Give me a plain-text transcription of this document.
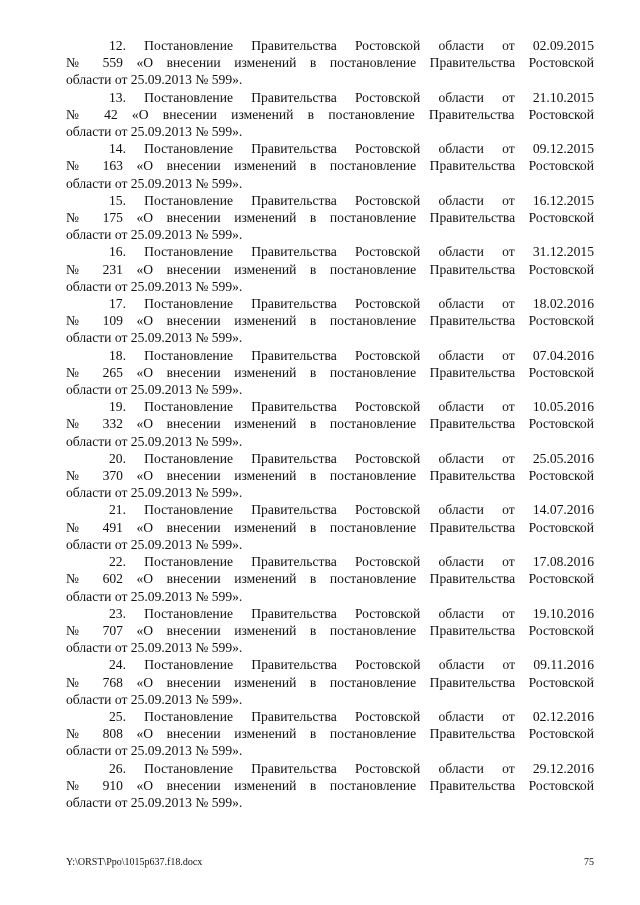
12. Постановление Правительства Ростовской области от 02.09.2015
№ 559 «О внесении изменений в постановление Правительства Ростовской
области от 25.09.2013 № 599».

13. Постановление Правительства Ростовской области от 21.10.2015
№ 42 «О внесении изменений в постановление Правительства Ростовской
области от 25.09.2013 № 599».

14. Постановление Правительства Ростовской области от 09.12.2015
№ 163 «О внесении изменений в постановление Правительства Ростовской
области от 25.09.2013 № 599».

15. Постановление Правительства Ростовской области от 16.12.2015
№ 175 «О внесении изменений в постановление Правительства Ростовской
области от 25.09.2013 № 599».

16. Постановление Правительства Ростовской области от 31.12.2015
№ 231 «О внесении изменений в постановление Правительства Ростовской
области от 25.09.2013 № 599».

17. Постановление Правительства Ростовской области от 18.02.2016
№ 109 «О внесении изменений в постановление Правительства Ростовской
области от 25.09.2013 № 599».

18. Постановление Правительства Ростовской области от 07.04.2016
№ 265 «О внесении изменений в постановление Правительства Ростовской
области от 25.09.2013 № 599».

19. Постановление Правительства Ростовской области от 10.05.2016
№ 332 «О внесении изменений в постановление Правительства Ростовской
области от 25.09.2013 № 599».

20. Постановление Правительства Ростовской области от 25.05.2016
№ 370 «О внесении изменений в постановление Правительства Ростовской
области от 25.09.2013 № 599».

21. Постановление Правительства Ростовской области от 14.07.2016
№ 491 «О внесении изменений в постановление Правительства Ростовской
области от 25.09.2013 № 599».

22. Постановление Правительства Ростовской области от 17.08.2016
№ 602 «О внесении изменений в постановление Правительства Ростовской
области от 25.09.2013 № 599».

23. Постановление Правительства Ростовской области от 19.10.2016
№ 707 «О внесении изменений в постановление Правительства Ростовской
области от 25.09.2013 № 599».

24. Постановление Правительства Ростовской области от 09.11.2016
№ 768 «О внесении изменений в постановление Правительства Ростовской
области от 25.09.2013 № 599».

25. Постановление Правительства Ростовской области от 02.12.2016
№ 808 «О внесении изменений в постановление Правительства Ростовской
области от 25.09.2013 № 599».

26. Постановление Правительства Ростовской области от 29.12.2016
№ 910 «О внесении изменений в постановление Правительства Ростовской
области от 25.09.2013 № 599».

Y:\ORST\Ppo\1015p637.f18.docx	75
